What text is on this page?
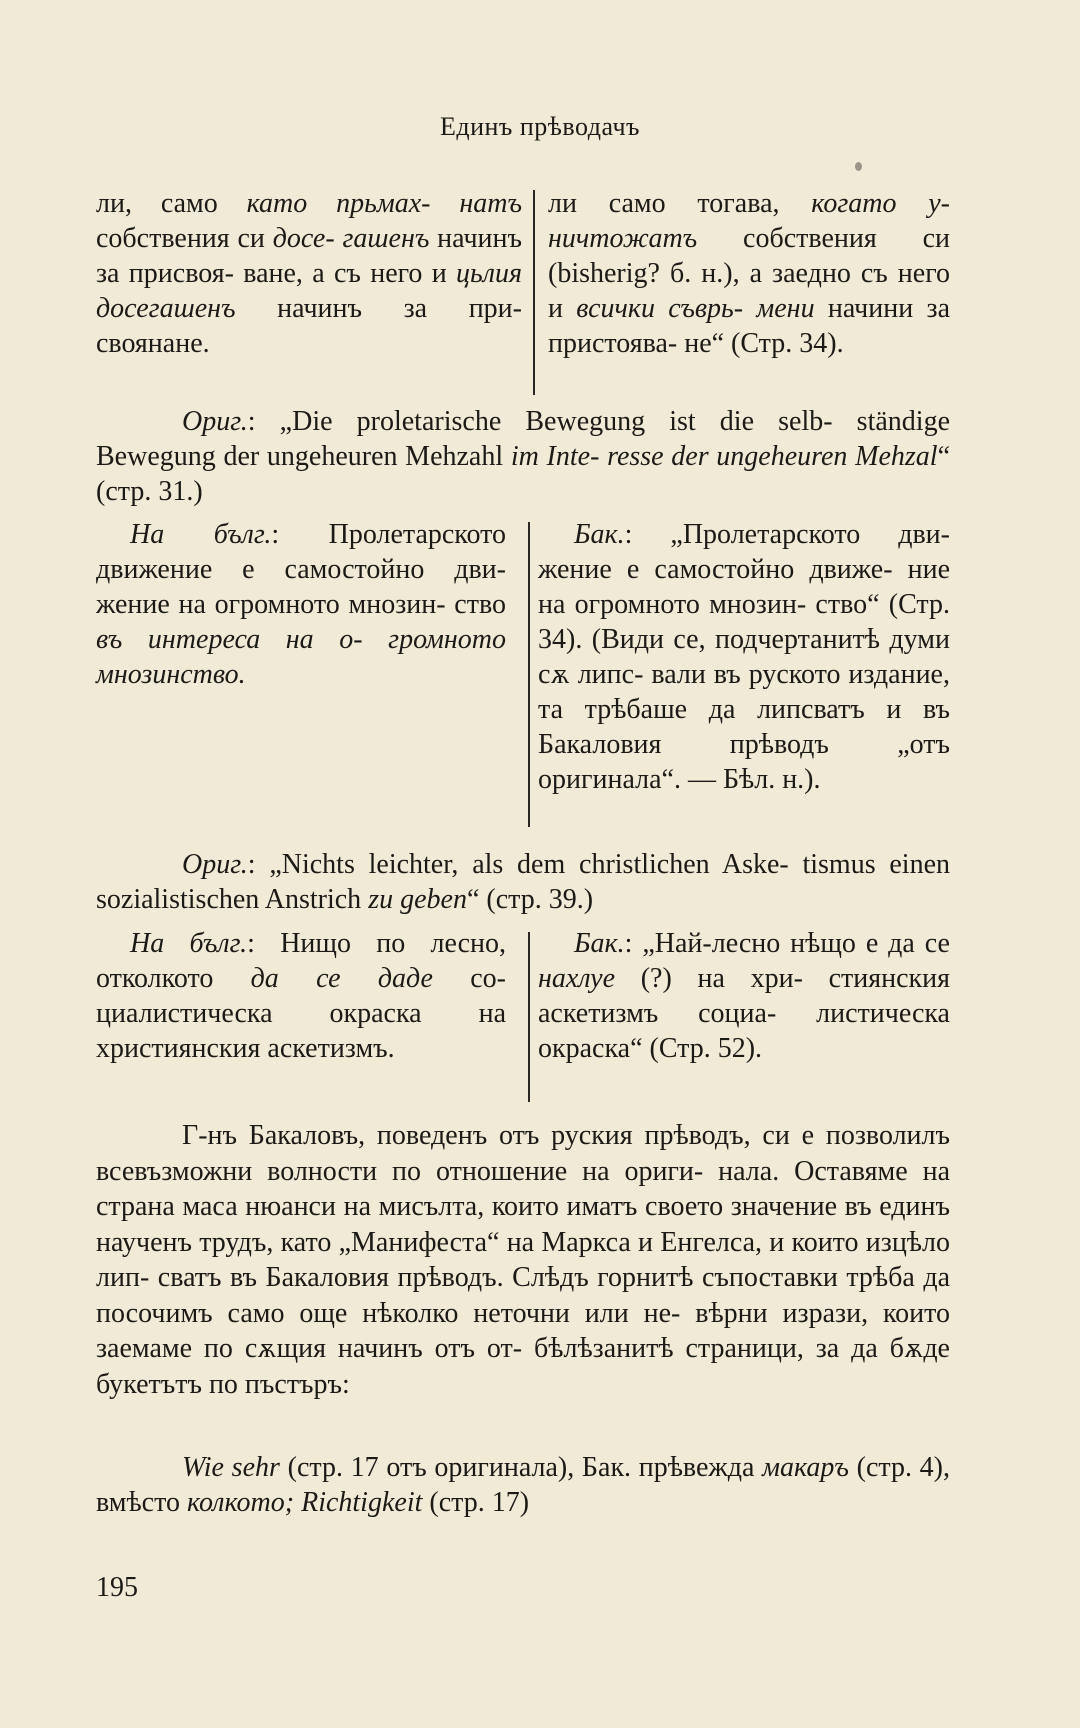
Единъ прѣводачъ
ли, само като прьмах- натъ собствения си досе- гашенъ начинъ за присвоя- ване, а съ него и цьлия досегашенъ начинъ за при- своянане.
ли само тогава, когато у- ничтожатъ собствения си (bisherig? б. н.), а заедно съ него и всички съврь- мени начини за пристоява- не“ (Стр. 34).
Ориг.: „Die proletarische Bewegung ist die selb- ständige Bewegung der ungeheuren Mehzahl im Inte- resse der ungeheuren Mehzal“ (стр. 31.)
На бълг.: Пролетарското движение е самостойно дви- жение на огромното мнозин- ство въ интереса на о- громното мнозинство.
Бак.: „Пролетарското дви- жение е самостойно движе- ние на огромното мнозин- ство“ (Стр. 34). (Види се, подчертанитѣ думи сѫ липс- вали въ руското издание, та трѣбаше да липсватъ и въ Бакаловия прѣводъ „отъ оригинала“. — Бѣл. н.).
Ориг.: „Nichts leichter, als dem christlichen Aske- tismus einen sozialistischen Anstrich zu geben“ (стр. 39.)
На бълг.: Нищо по лесно, отколкото да се даде со- циалистическа окраска на християнския аскетизмъ.
Бак.: „Най-лесно нѣщо е да се нахлуе (?) на хри- стиянския аскетизмъ социа- листическа окраска“ (Стр. 52).
Г-нъ Бакаловъ, поведенъ отъ руския прѣводъ, си е позволилъ всевъзможни волности по отношение на ориги- нала. Оставяме на страна маса нюанси на мисълта, които иматъ своето значение въ единъ наученъ трудъ, като „Манифеста“ на Маркса и Енгелса, и които изцѣло лип- сватъ въ Бакаловия прѣводъ. Слѣдъ горнитѣ съпоставки трѣба да посочимъ само още нѣколко неточни или не- вѣрни изрази, които заемаме по сѫщия начинъ отъ от- бѣлѣзанитѣ страници, за да бѫде букетътъ по пъстъръ:
Wie sehr (стр. 17 отъ оригинала), Бак. прѣвежда макаръ (стр. 4), вмѣсто колкото; Richtigkeit (стр. 17)
195
